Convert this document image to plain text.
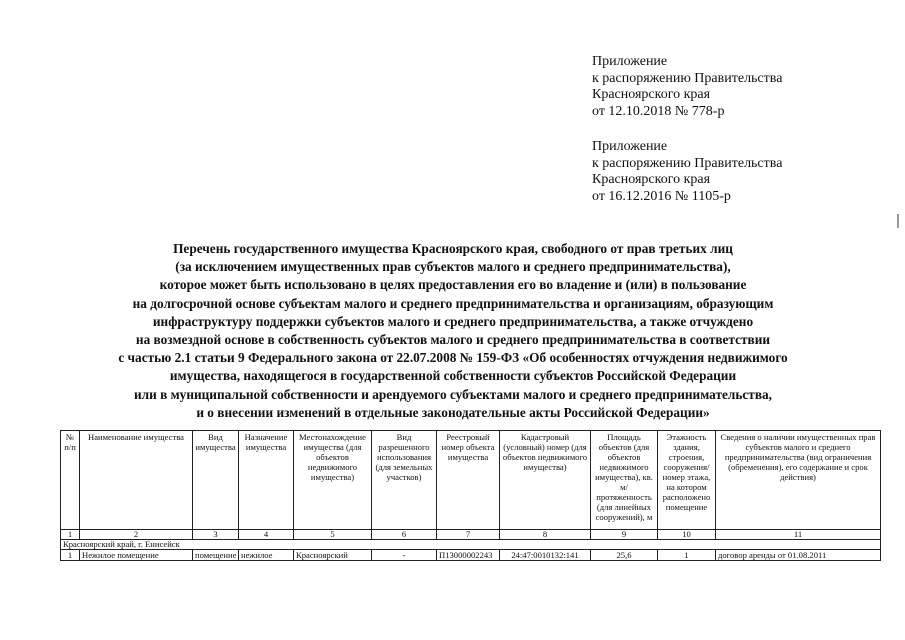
Приложение
к распоряжению Правительства
Красноярского края
от 12.10.2018 № 778-р
Приложение
к распоряжению Правительства
Красноярского края
от 16.12.2016 № 1105-р
Перечень государственного имущества Красноярского края, свободного от прав третьих лиц
(за исключением имущественных прав субъектов малого и среднего предпринимательства),
которое может быть использовано в целях предоставления его во владение и (или) в пользование
на долгосрочной основе субъектам малого и среднего предпринимательства и организациям, образующим
инфраструктуру поддержки субъектов малого и среднего предпринимательства, а также отчуждено
на возмездной основе в собственность субъектов малого и среднего предпринимательства в соответствии
с частью 2.1 статьи 9 Федерального закона от 22.07.2008 № 159-ФЗ «Об особенностях отчуждения недвижимого
имущества, находящегося в государственной собственности субъектов Российской Федерации
или в муниципальной собственности и арендуемого субъектами малого и среднего предпринимательства,
и о внесении изменений в отдельные законодательные акты Российской Федерации»
№ п/п	Наименование имущества	Вид имущества	Назначение имущества	Местонахождение имущества (для объектов недвижимого имущества)	Вид разрешенного использования (для земельных участков)	Реестровый номер объекта имущества	Кадастровый (условный) номер (для объектов недвижимого имущества)	Площадь объектов (для объектов недвижимого имущества), кв. м/ протяженность (для линейных сооружений), м	Этажность здания, строения, сооружения/ номер этажа, на котором расположено помещение	Сведения о наличии имущественных прав субъектов малого и среднего предпринимательства (вид ограничения (обременения), его содержание и срок действия)
1	2	3	4	5	6	7	8	9	10	11
Красноярский край, г. Енисейск										
1	Нежилое помещение	помещение	нежилое	Красноярский	-	П13000002243	24:47:0010132:141	25,6	1	договор аренды от 01.08.2011
